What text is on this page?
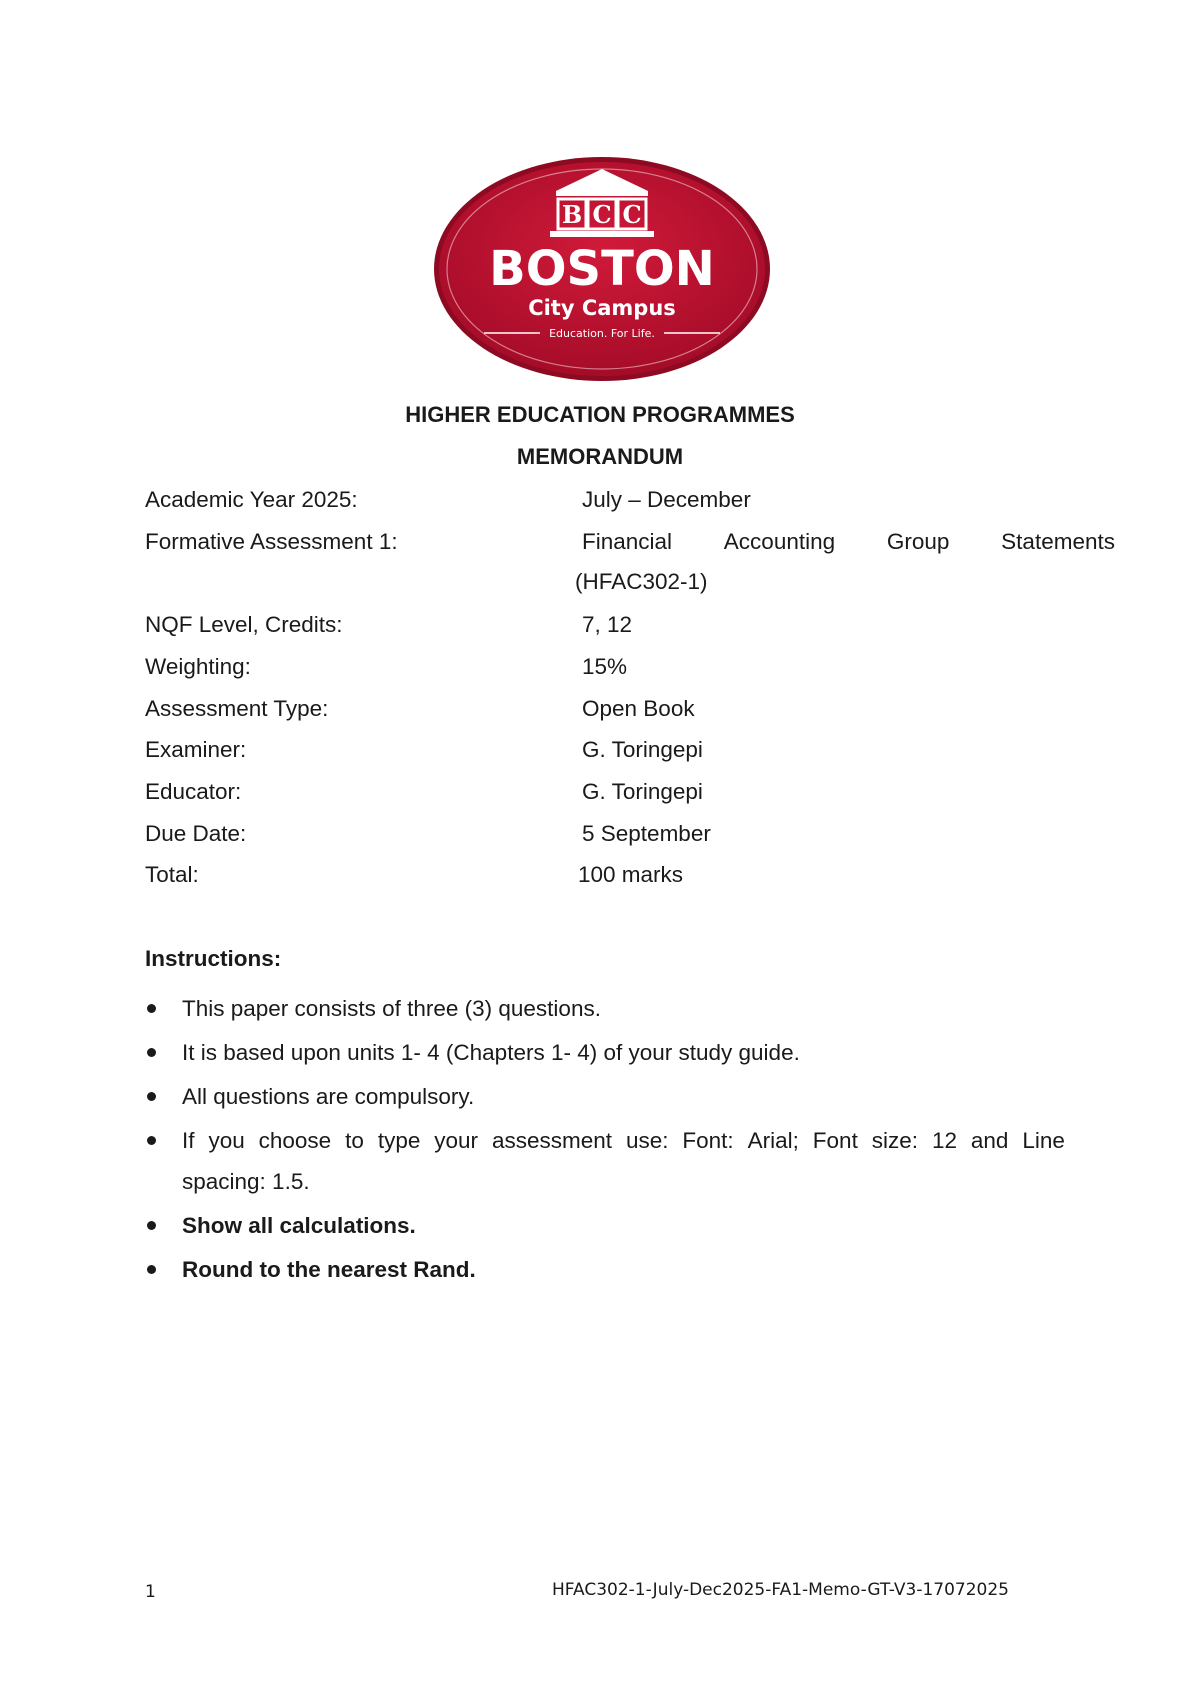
B C C
BOSTON
City Campus
Education. For Life.
HIGHER EDUCATION PROGRAMMES
MEMORANDUM
Academic Year 2025:	July – December
Formative Assessment 1:	Financial Accounting Group Statements
(HFAC302-1)
NQF Level, Credits:	7, 12
Weighting:	15%
Assessment Type:	Open Book
Examiner:	G. Toringepi
Educator:	G. Toringepi
Due Date:	5 September
Total:	100 marks
Instructions:
This paper consists of three (3) questions.
It is based upon units 1- 4 (Chapters 1- 4) of your study guide.
All questions are compulsory.
If you choose to type your assessment use: Font: Arial; Font size: 12 and Line
spacing: 1.5.
Show all calculations.
Round to the nearest Rand.
1	HFAC302-1-July-Dec2025-FA1-Memo-GT-V3-17072025
